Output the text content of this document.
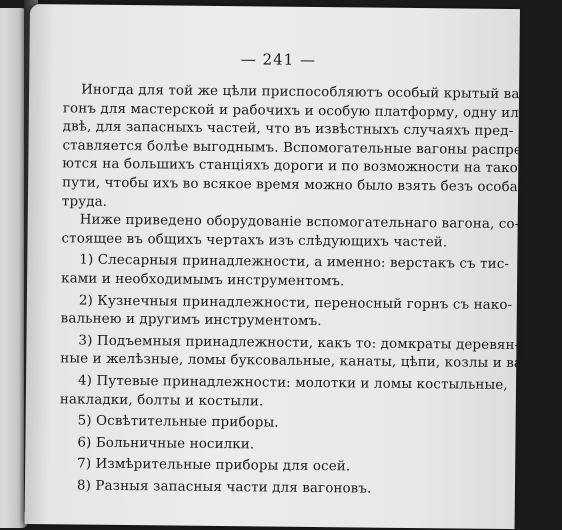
— 241 —
Иногда для той же цѣли приспособляютъ особый крытый ва-
гонъ для мастерской и рабочихъ и особую платформу, одну или
двѣ, для запасныхъ частей, что въ извѣстныхъ случаяхъ пред-
ставляется болѣе выгоднымъ. Вспомогательные вагоны распредѣля-
ются на большихъ станцiяхъ дороги и по возможности на такомъ
пути, чтобы ихъ во всякое время можно было взять безъ особаго
труда.
Ниже приведено оборудованiе вспомогательнаго вагона, со-
стоящее въ общихъ чертахъ изъ слѣдующихъ частей.
1) Слесарныя принадлежности, а именно: верстакъ съ тис-
ками и необходимымъ инструментомъ.
2) Кузнечныя принадлежности, переносный горнъ съ нако-
вальнею и другимъ инструментомъ.
3) Подъемныя принадлежности, какъ то: домкраты деревян-
ные и желѣзные, ломы буксовальные, канаты, цѣпи, козлы и ваги.
4) Путевые принадлежности: молотки и ломы костыльные,
накладки, болты и костыли.
5) Освѣтительные приборы.
6) Больничные носилки.
7) Измѣрительные приборы для осей.
8) Разныя запасныя части для вагоновъ.
